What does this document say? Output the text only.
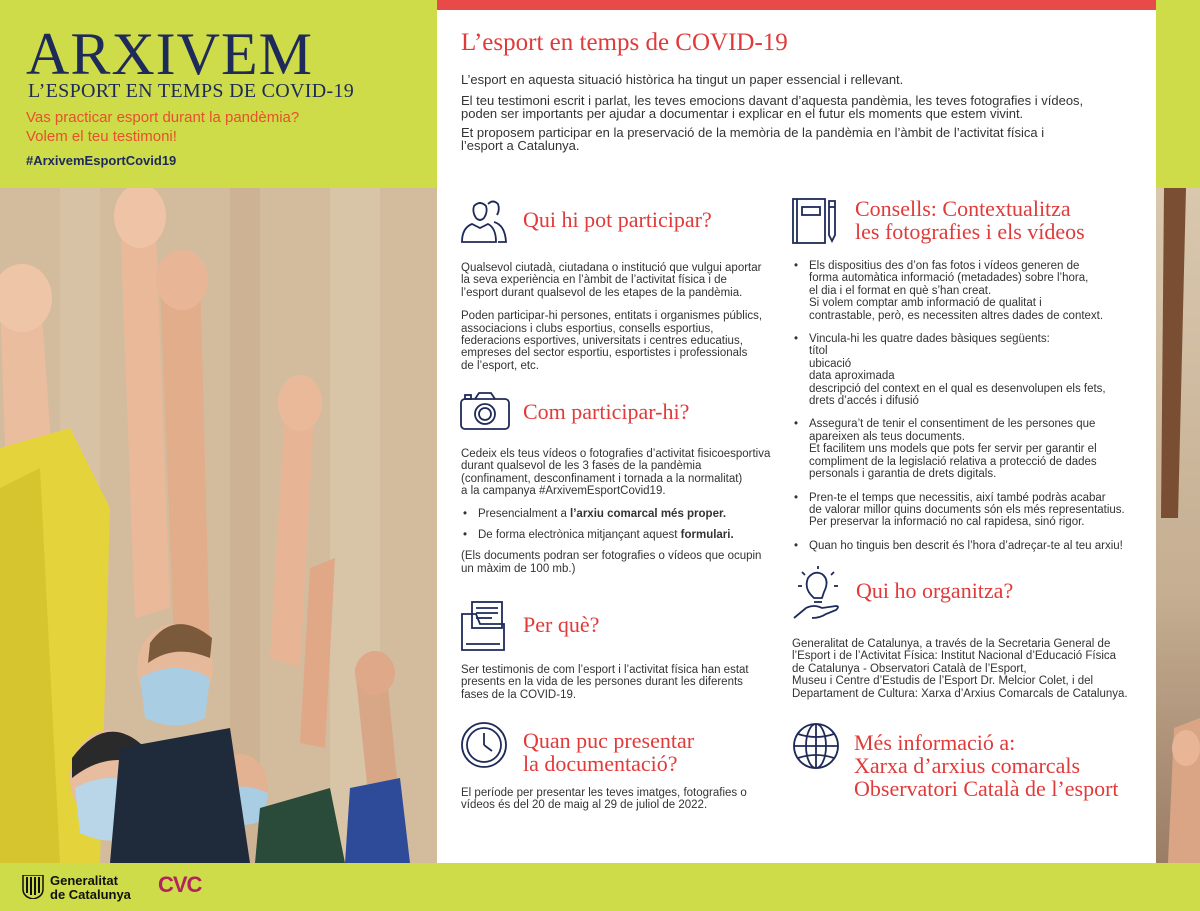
ARXIVEM
L’ESPORT EN TEMPS DE COVID-19
Vas practicar esport durant la pandèmia?
Volem el teu testimoni!
#ArxivemEsportCovid19
Generalitat
de Catalunya CVC
L’esport en temps de COVID-19
L’esport en aquesta situació històrica ha tingut un paper essencial i rellevant.
El teu testimoni escrit i parlat, les teves emocions davant d’aquesta pandèmia, les teves fotografies i vídeos,
poden ser importants per ajudar a documentar i explicar en el futur els moments que estem vivint.
Et proposem participar en la preservació de la memòria de la pandèmia en l’àmbit de l’activitat física i
l’esport a Catalunya.
Qui hi pot participar?

Qualsevol ciutadà, ciutadana o institució que vulgui aportar

la seva experiència en l’àmbit de l’activitat física i de

l’esport durant qualsevol de les etapes de la pandèmia.

Poden participar-hi persones, entitats i organismes públics,

associacions i clubs esportius, consells esportius,

federacions esportives, universitats i centres educatius,

empreses del sector esportiu, esportistes i professionals

de l’esport, etc.

Com participar-hi?

Cedeix els teus vídeos o fotografies d’activitat fisicoesportiva

durant qualsevol de les 3 fases de la pandèmia

(confinament, desconfinament i tornada a la normalitat)

a la campanya #ArxivemEsportCovid19.

• Presencialment a l’arxiu comarcal més proper.
• De forma electrònica mitjançant aquest formulari.

(Els documents podran ser fotografies o vídeos que ocupin

un màxim de 100 mb.)

Per què?

Ser testimonis de com l’esport i l’activitat física han estat

presents en la vida de les persones durant les diferents

fases de la COVID-19.

Quan puc presentar
la documentació?

El període per presentar les teves imatges, fotografies o

vídeos és del 20 de maig al 29 de juliol de 2022.

Consells: Contextualitza
les fotografies i els vídeos
• Els dispositius des d’on fas fotos i vídeos generen de
forma automàtica informació (metadades) sobre l’hora,
el dia i el format en què s’han creat.
Si volem comptar amb informació de qualitat i
contrastable, però, es necessiten altres dades de context.
• Vincula-hi les quatre dades bàsiques següents:
títol
ubicació
data aproximada
descripció del context en el qual es desenvolupen els fets,
drets d’accés i difusió
• Assegura’t de tenir el consentiment de les persones que
apareixen als teus documents.
Et facilitem uns models que pots fer servir per garantir el
compliment de la legislació relativa a protecció de dades
personals i garantia de drets digitals.
• Pren-te el temps que necessitis, així també podràs acabar
de valorar millor quins documents són els més representatius.
Per preservar la informació no cal rapidesa, sinó rigor.
• Quan ho tinguis ben descrit és l’hora d’adreçar-te al teu arxiu!
Qui ho organitza?

Generalitat de Catalunya, a través de la Secretaria General de

l’Esport i de l’Activitat Física: Institut Nacional d’Educació Física

de Catalunya - Observatori Català de l’Esport,

Museu i Centre d’Estudis de l’Esport Dr. Melcior Colet, i del

Departament de Cultura: Xarxa d’Arxius Comarcals de Catalunya.

Més informació a:
Xarxa d’arxius comarcals
Observatori Català de l’esport
